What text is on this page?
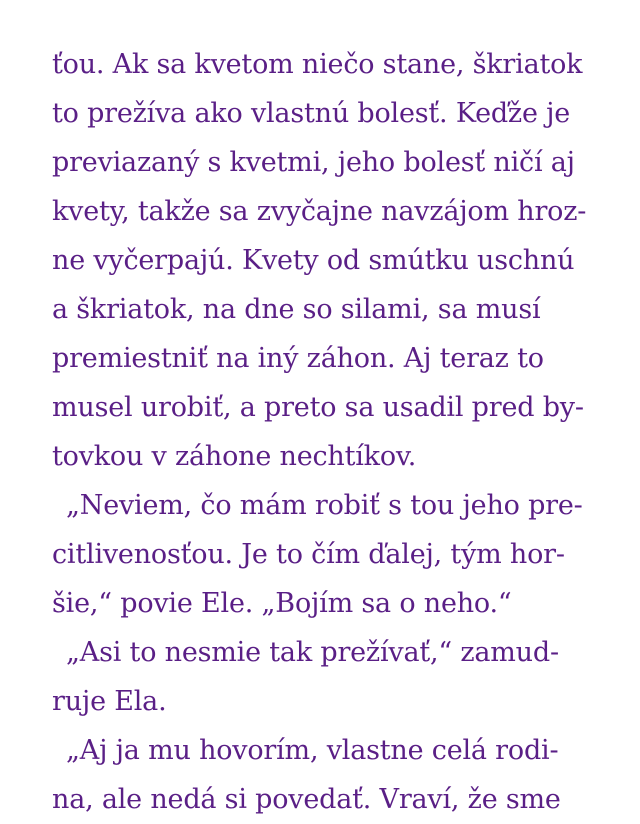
ťou. Ak sa kvetom niečo stane, škriatok
to prežíva ako vlastnú bolesť. Keďže je
previazaný s kvetmi, jeho bolesť ničí aj
kvety, takže sa zvyčajne navzájom hroz-
ne vyčerpajú. Kvety od smútku uschnú
a škriatok, na dne so silami, sa musí
premiestniť na iný záhon. Aj teraz to
musel urobiť, a preto sa usadil pred by-
tovkou v záhone nechtíkov.
„Neviem, čo mám robiť s tou jeho pre-
citlivenosťou. Je to čím ďalej, tým hor-
šie,“ povie Ele. „Bojím sa o neho.“
„Asi to nesmie tak prežívať,“ zamud-
ruje Ela.
„Aj ja mu hovorím, vlastne celá rodi-
na, ale nedá si povedať. Vraví, že sme
